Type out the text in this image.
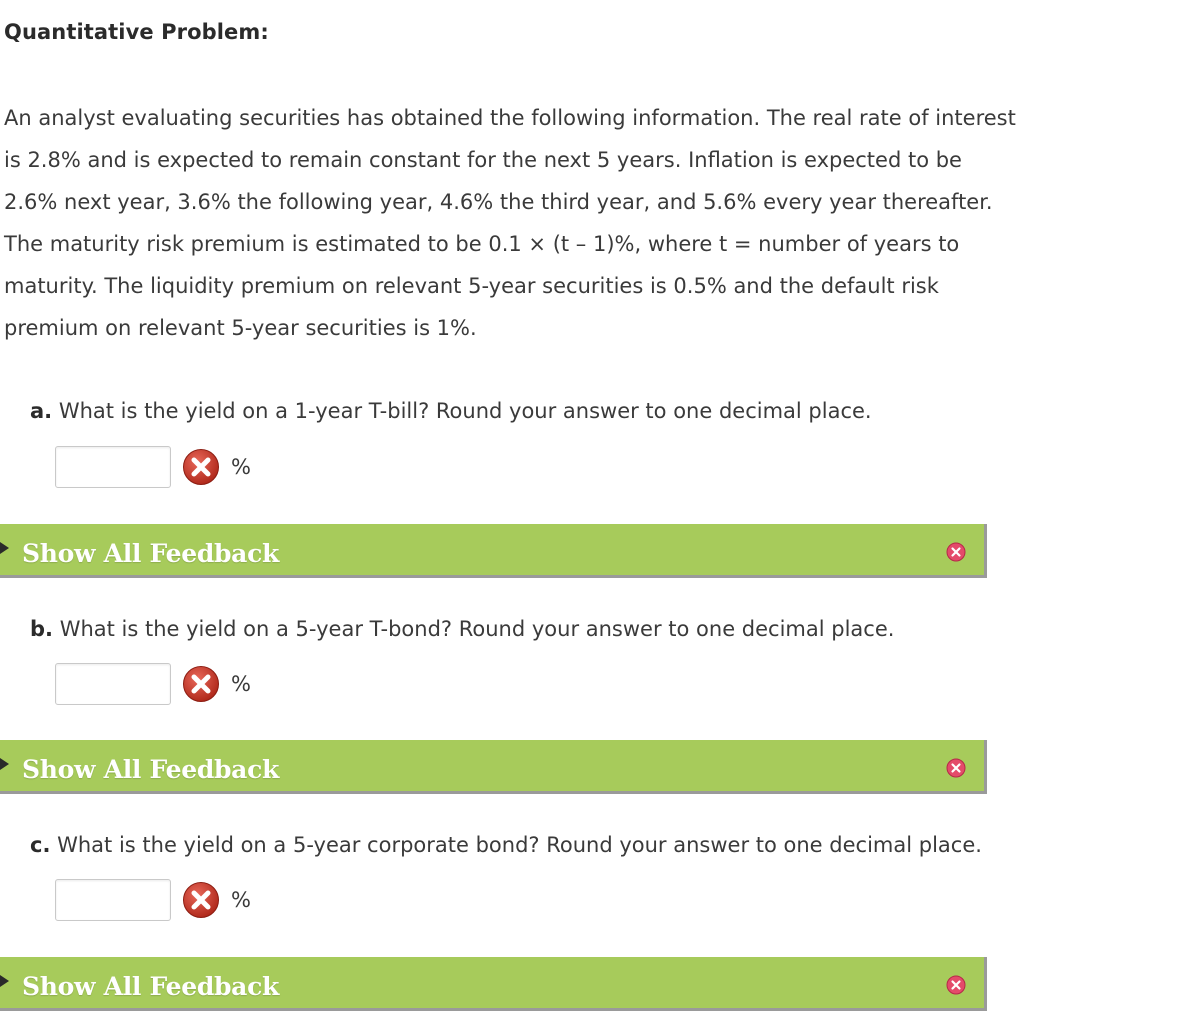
Quantitative Problem:
An analyst evaluating securities has obtained the following information. The real rate of interest
is 2.8% and is expected to remain constant for the next 5 years. Inflation is expected to be
2.6% next year, 3.6% the following year, 4.6% the third year, and 5.6% every year thereafter.
The maturity risk premium is estimated to be 0.1 × (t – 1)%, where t = number of years to
maturity. The liquidity premium on relevant 5-year securities is 0.5% and the default risk
premium on relevant 5-year securities is 1%.
a. What is the yield on a 1-year T-bill? Round your answer to one decimal place.
%
Show All Feedback
b. What is the yield on a 5-year T-bond? Round your answer to one decimal place.
%
Show All Feedback
c. What is the yield on a 5-year corporate bond? Round your answer to one decimal place.
%
Show All Feedback
